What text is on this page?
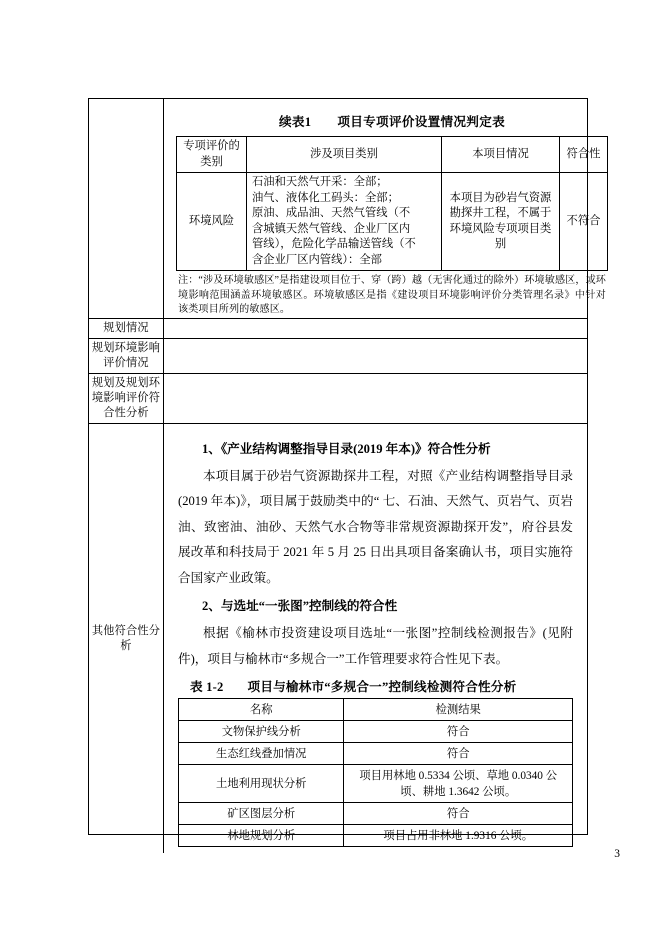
续表1 项目专项评价设置情况判定表
专项评价的类别	涉及项目类别	本项目情况	符合性
环境风险	石油和天然气开采：全部；
油气、液体化工码头：全部；
原油、成品油、天然气管线（不
含城镇天然气管线、企业厂区内
管线），危险化学品输送管线（不
含企业厂区内管线）：全部	本项目为砂岩气资源勘探井工程，不属于环境风险专项项目类别	不符合
注：“涉及环境敏感区”是指建设项目位于、穿（跨）越（无害化通过的除外）环境敏感区，或环境影响范围涵盖环境敏感区。环境敏感区是指《建设项目环境影响评价分类管理名录》中针对该类项目所列的敏感区。
规划情况
规划环境影响评价情况
规划及规划环境影响评价符合性分析
其他符合性分析
1、《产业结构调整指导目录(2019 年本)》符合性分析
本项目属于砂岩气资源勘探井工程，对照《产业结构调整指导目录(2019 年本)》，项目属于鼓励类中的“ 七、石油、天然气、页岩气、页岩油、致密油、油砂、天然气水合物等非常规资源勘探开发”，府谷县发展改革和科技局于 2021 年 5 月 25 日出具项目备案确认书，项目实施符合国家产业政策。
2、与选址“一张图”控制线的符合性
根据《榆林市投资建设项目选址“一张图”控制线检测报告》(见附件)，项目与榆林市“多规合一”工作管理要求符合性见下表。
表 1-2 项目与榆林市“多规合一”控制线检测符合性分析
名称	检测结果
文物保护线分析	符合
生态红线叠加情况	符合
土地利用现状分析	项目用林地 0.5334 公顷、草地 0.0340 公顷、耕地 1.3642 公顷。
矿区图层分析	符合
林地规划分析	项目占用非林地 1.9316 公顷。
3
